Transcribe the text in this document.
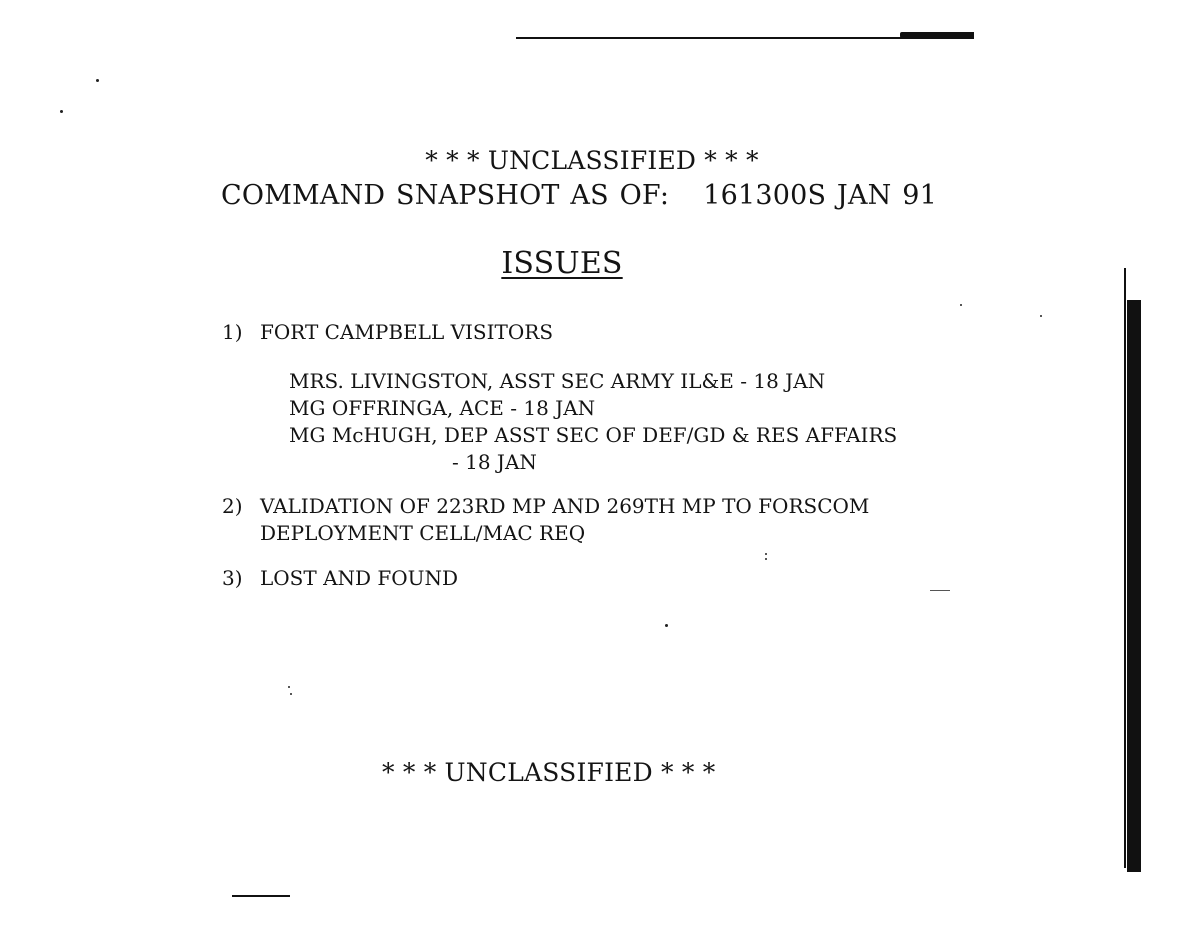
* * * UNCLASSIFIED * * *
COMMAND SNAPSHOT AS OF: 161300S JAN 91
ISSUES
1) FORT CAMPBELL VISITORS
MRS. LIVINGSTON, ASST SEC ARMY IL&E - 18 JAN
MG OFFRINGA, ACE - 18 JAN
MG McHUGH, DEP ASST SEC OF DEF/GD & RES AFFAIRS
- 18 JAN
2) VALIDATION OF 223RD MP AND 269TH MP TO FORSCOM
DEPLOYMENT CELL/MAC REQ
3) LOST AND FOUND
* * * UNCLASSIFIED * * *
